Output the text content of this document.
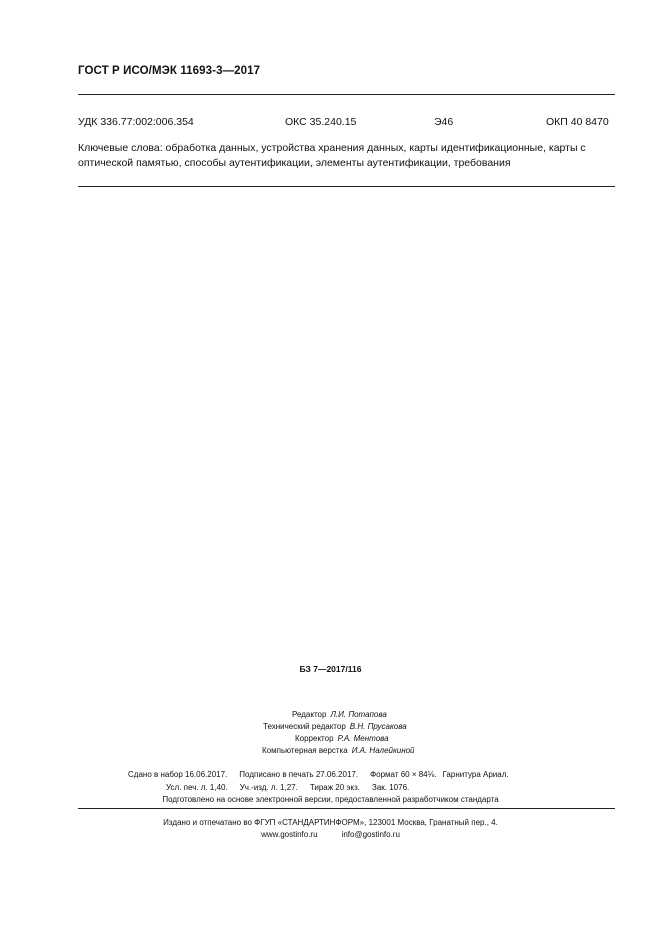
ГОСТ Р ИСО/МЭК 11693-3—2017
УДК 336.77:002:006.354	ОКС 35.240.15	Э46	ОКП 40 8470
Ключевые слова: обработка данных, устройства хранения данных, карты идентификационные, карты с оптической памятью, способы аутентификации, элементы аутентификации, требования
БЗ 7—2017/116
Редактор Л.И. Потапова
Технический редактор В.Н. Прусакова
Корректор Р.А. Ментова
Компьютерная верстка И.А. Налейкиной
Сдано в набор 16.06.2017. Подписано в печать 27.06.2017. Формат 60 × 84⅛. Гарнитура Ариал.
Усл. печ. л. 1,40. Уч.-изд. л. 1,27. Тираж 20 экз. Зак. 1076.
Подготовлено на основе электронной версии, предоставленной разработчиком стандарта
Издано и отпечатано во ФГУП «СТАНДАРТИНФОРМ», 123001 Москва, Гранатный пер., 4.
www.gostinfo.ru	info@gostinfo.ru
